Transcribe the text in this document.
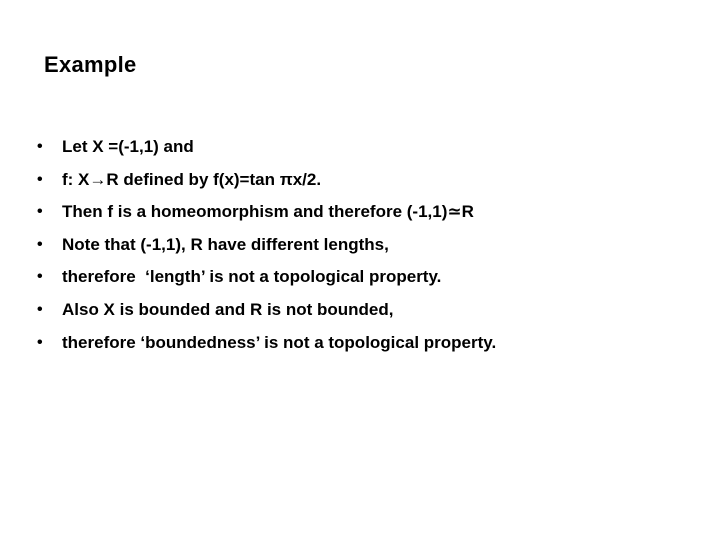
Example
• Let X =(-1,1) and
• f: X→R defined by f(x)=tan πx/2.
• Then f is a homeomorphism and therefore (-1,1)≃R
• Note that (-1,1), R have different lengths,
• therefore  ‘length’ is not a topological property.
• Also X is bounded and R is not bounded,
• therefore ‘boundedness’ is not a topological property.
